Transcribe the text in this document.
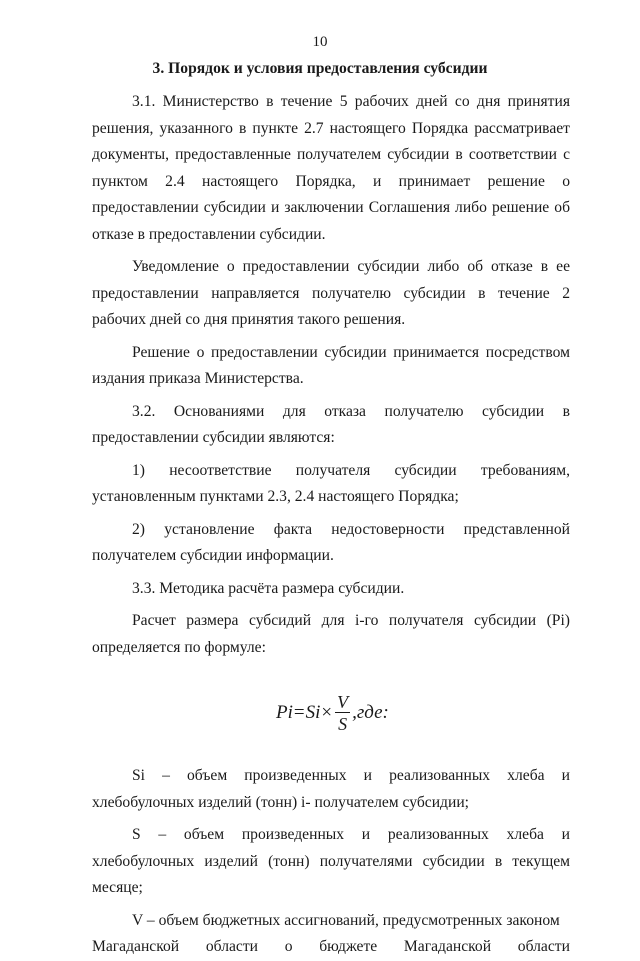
10
3. Порядок и условия предоставления субсидии

3.1. Министерство в течение 5 рабочих дней со дня принятия решения, указанного в пункте 2.7 настоящего Порядка рассматривает документы, предоставленные получателем субсидии в соответствии с пунктом 2.4 настоящего Порядка, и принимает решение о предоставлении субсидии и заключении Соглашения либо решение об отказе в предоставлении субсидии.

Уведомление о предоставлении субсидии либо об отказе в ее предоставлении направляется получателю субсидии в течение 2 рабочих дней со дня принятия такого решения.

Решение о предоставлении субсидии принимается посредством издания приказа Министерства.

3.2. Основаниями для отказа получателю субсидии в предоставлении субсидии являются:

1) несоответствие получателя субсидии требованиям, установленным пунктами 2.3, 2.4 настоящего Порядка;

2) установление факта недостоверности представленной получателем субсидии информации.

3.3. Методика расчёта размера субсидии.

Расчет размера субсидий для i-го получателя субсидии (Pi) определяется по формуле:

$Pi = Si \times \frac{V}{S} ,где$:

Si – объем произведенных и реализованных хлеба и хлебобулочных изделий (тонн) i- получателем субсидии;

S – объем произведенных и реализованных хлеба и хлебобулочных изделий (тонн) получателями субсидии в текущем месяце;

V – объем бюджетных ассигнований, предусмотренных законом

Магаданской области о бюджете Магаданской области
